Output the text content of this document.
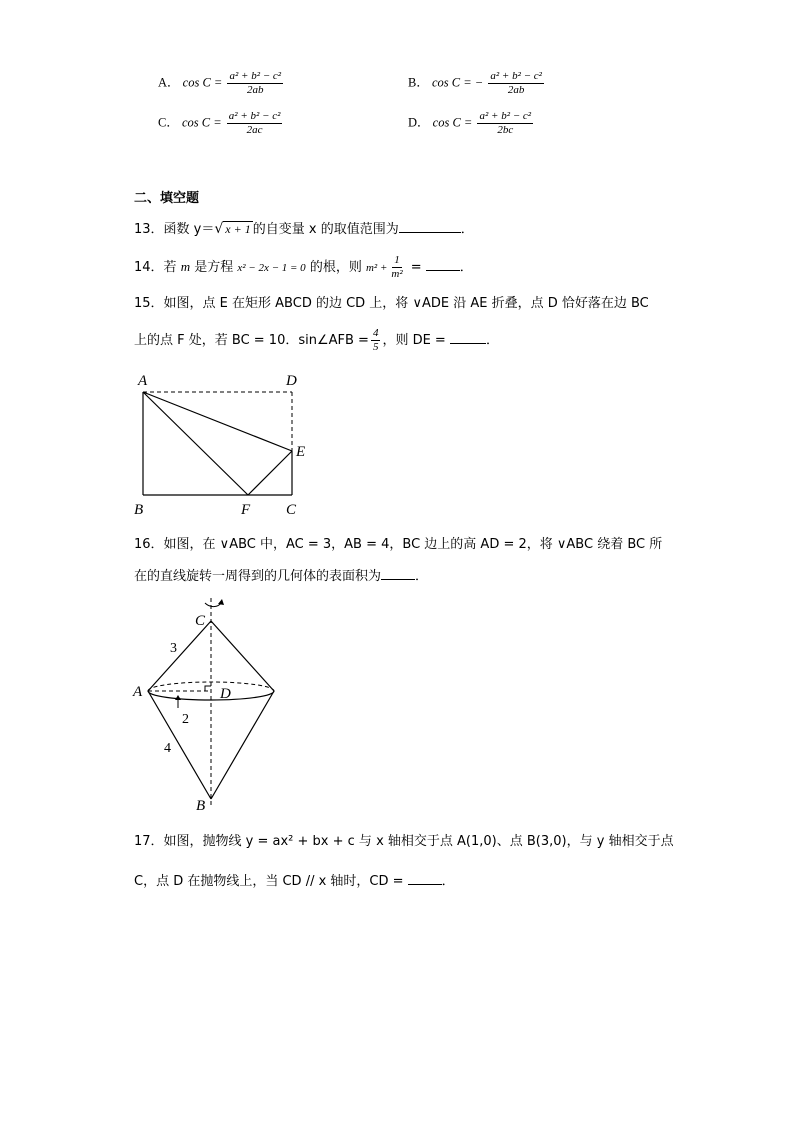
A． $\cos C = \frac{\text{a² + b² − c²}}{2ab}$	B． cos C = − $\frac{\text{a² + b² − c²}}{2ab}$
C． $\cos C = \frac{\text{a² + b² − c²}}{2ac}$	D． $\cos C = \frac{\text{a² + b² − c²}}{2bc}$
二、填空题
13．函数 y＝√ x + 1 的自变量 x 的取值范围为	．
14．若 m 是方程 x² − 2x − 1 = 0 的根，则 $m^2 + \frac{1}{\text{m²}}$ =	．
15．如图，点 E 在矩形 ABCD 的边 CD 上，将 ∨ADE 沿 AE 折叠，点 D 恰好落在边 BC
上的点 F 处，若 BC = 10．sin∠AFB = $\frac{4}{5}$ ，则 DE =	．
A	D
E
B	F C
16．如图，在 ∨ABC 中，AC = 3，AB = 4，BC 边上的高 AD = 2，将 ∨ABC 绕着 BC 所
在的直线旋转一周得到的几何体的表面积为	．
C
A	D
B
3
2
4
17．如图，抛物线 y = ax² + bx + c 与 x 轴相交于点 A(1,0)、点 B(3,0)，与 y 轴相交于点
C，点 D 在抛物线上，当 CD // x 轴时，CD =	．
